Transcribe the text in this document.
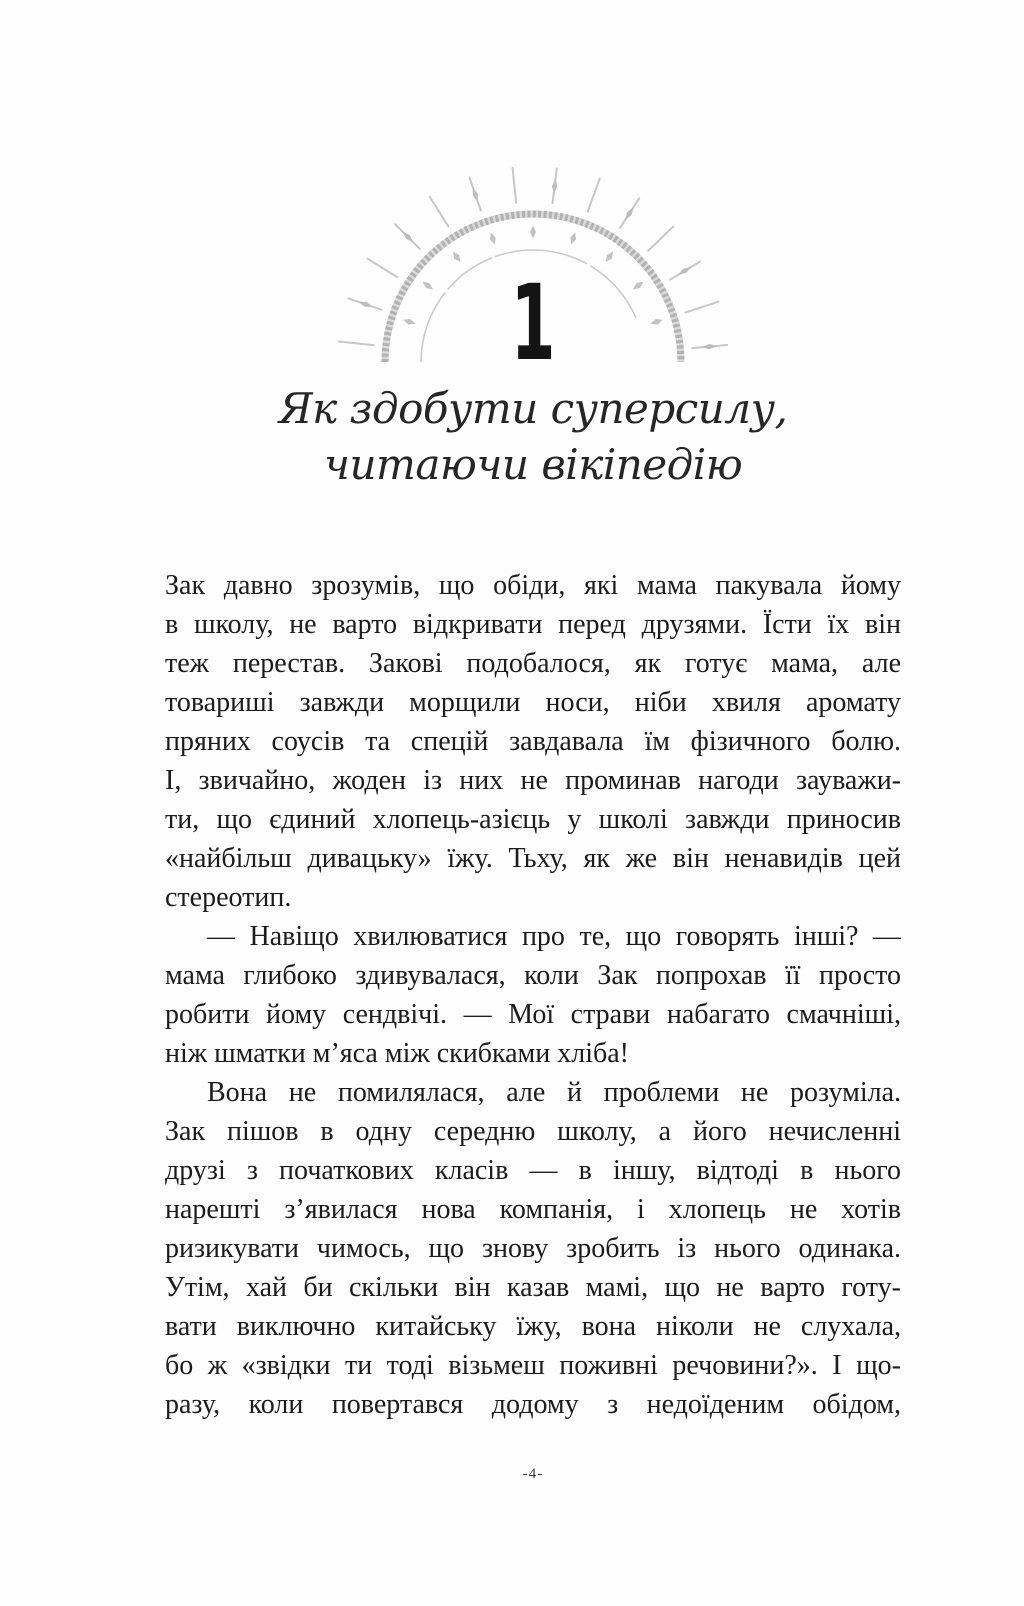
1
Як здобути суперсилу,
читаючи вікіпедію
Зак давно зрозумів, що обіди, які мама пакувала йому
в школу, не варто відкривати перед друзями. Їсти їх він
теж перестав. Закові подобалося, як готує мама, але
товариші завжди морщили носи, ніби хвиля аромату
пряних соусів та спецій завдавала їм фізичного болю.
І, звичайно, жоден із них не проминав нагоди зауважи-
ти, що єдиний хлопець-азієць у школі завжди приносив
«найбільш дивацьку» їжу. Тьху, як же він ненавидів цей
стереотип.
— Навіщо хвилюватися про те, що говорять інші? —
мама глибоко здивувалася, коли Зак попрохав її просто
робити йому сендвічі. — Мої страви набагато смачніші,
ніж шматки м’яса між скибками хліба!
Вона не помилялася, але й проблеми не розуміла.
Зак пішов в одну середню школу, а його нечисленні
друзі з початкових класів — в іншу, відтоді в нього
нарешті з’явилася нова компанія, і хлопець не хотів
ризикувати чимось, що знову зробить із нього одинака.
Утім, хай би скільки він казав мамі, що не варто готу-
вати виключно китайську їжу, вона ніколи не слухала,
бо ж «звідки ти тоді візьмеш поживні речовини?». І що-
разу, коли повертався додому з недоїденим обідом,
-4-
